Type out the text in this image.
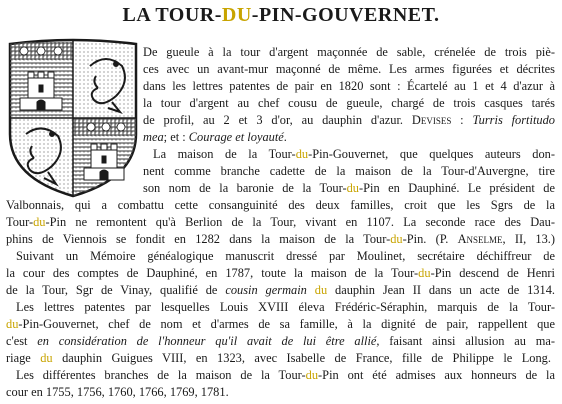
LA TOUR-DU-PIN-GOUVERNET.
De gueule à la tour d'argent maçonnée de sable, crénelée de trois piè-
ces avec un avant-mur maçonné de même. Les armes figurées et décrites
dans les lettres patentes de pair en 1820 sont : Écartelé au 1 et 4 d'azur à
la tour d'argent au chef cousu de gueule, chargé de trois casques tarés
de profil, au 2 et 3 d'or, au dauphin d'azur. Devises : Turris fortitudo
mea; et : Courage et loyauté.
La maison de la Tour-du-Pin-Gouvernet, que quelques auteurs don-
nent comme branche cadette de la maison de la Tour-d'Auvergne, tire
son nom de la baronie de la Tour-du-Pin en Dauphiné. Le président de
Valbonnais, qui a combattu cette consanguinité des deux familles, croit que les Sgrs de la
Tour-du-Pin ne remontent qu'à Berlion de la Tour, vivant en 1107. La seconde race des Dau-
phins de Viennois se fondit en 1282 dans la maison de la Tour-du-Pin. (P. Anselme, II, 13.)
Suivant un Mémoire généalogique manuscrit dressé par Moulinet, secrétaire déchiffreur de
la cour des comptes de Dauphiné, en 1787, toute la maison de la Tour-du-Pin descend de Henri
de la Tour, Sgr de Vinay, qualifié de cousin germain du dauphin Jean II dans un acte de 1314.
Les lettres patentes par lesquelles Louis XVIII éleva Frédéric-Séraphin, marquis de la Tour-
du-Pin-Gouvernet, chef de nom et d'armes de sa famille, à la dignité de pair, rappellent que
c'est en considération de l'honneur qu'il avait de lui être allié, faisant ainsi allusion au ma-
riage du dauphin Guigues VIII, en 1323, avec Isabelle de France, fille de Philippe le Long.
Les différentes branches de la maison de la Tour-du-Pin ont été admises aux honneurs de la
cour en 1755, 1756, 1760, 1766, 1769, 1781.
